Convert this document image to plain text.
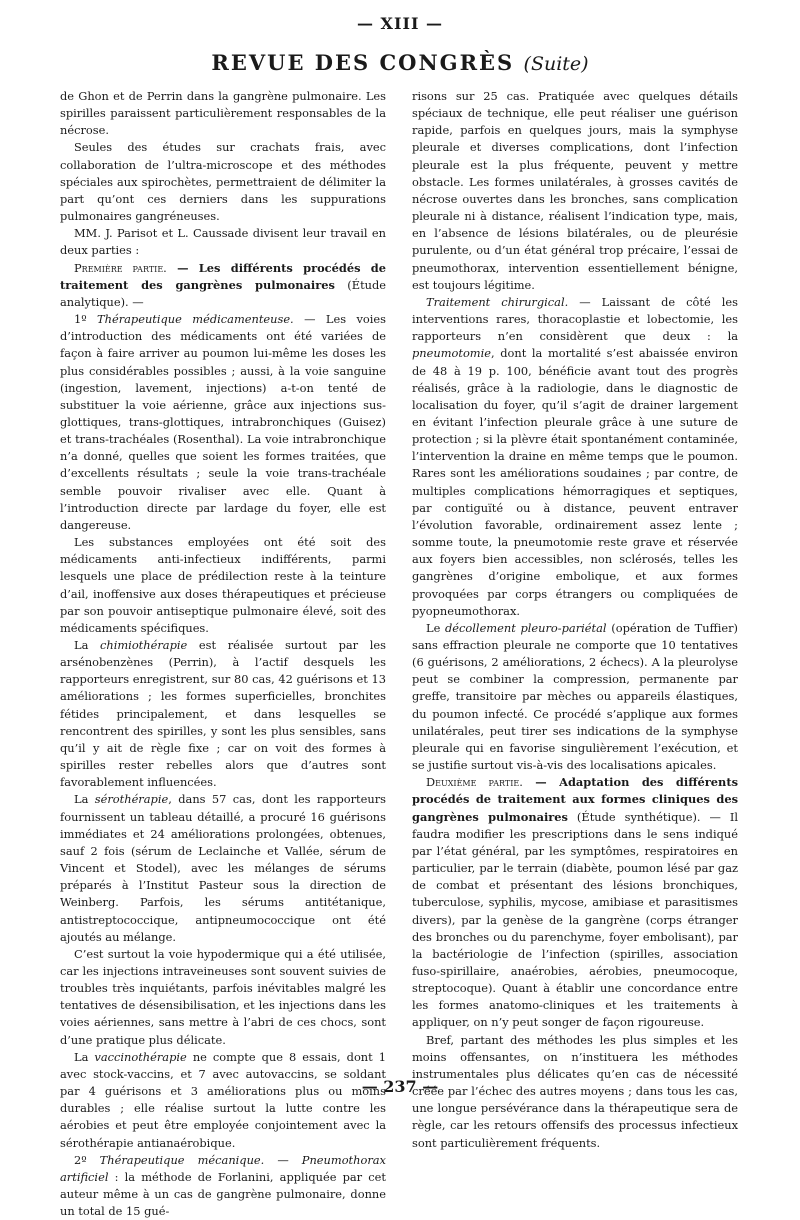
— XIII —
REVUE DES CONGRÈS (Suite)

de Ghon et de Perrin dans la gangrène pulmonaire. Les spirilles paraissent particulièrement responsables de la nécrose.

Seules des études sur crachats frais, avec collaboration de l’ultra-microscope et des méthodes spéciales aux spirochètes, permettraient de délimiter la part qu’ont ces derniers dans les suppurations pulmonaires gangréneuses.

MM. J. Parisot et L. Caussade divisent leur travail en deux parties :

Première partie. — Les différents procédés de traitement des gangrènes pulmonaires (Étude analytique). —

1º Thérapeutique médicamenteuse. — Les voies d’introduction des médicaments ont été variées de façon à faire arriver au poumon lui-même les doses les plus considérables possibles ; aussi, à la voie sanguine (ingestion, lavement, injections) a-t-on tenté de substituer la voie aérienne, grâce aux injections sus-glottiques, trans-glottiques, intrabronchiques (Guisez) et trans-trachéales (Rosenthal). La voie intrabronchique n’a donné, quelles que soient les formes traitées, que d’excellents résultats ; seule la voie trans-trachéale semble pouvoir rivaliser avec elle. Quant à l’introduction directe par lardage du foyer, elle est dangereuse.

Les substances employées ont été soit des médicaments anti-infectieux indifférents, parmi lesquels une place de prédilection reste à la teinture d’ail, inoffensive aux doses thérapeutiques et précieuse par son pouvoir antiseptique pulmonaire élevé, soit des médicaments spécifiques.

La chimiothérapie est réalisée surtout par les arsénobenzènes (Perrin), à l’actif desquels les rapporteurs enregistrent, sur 80 cas, 42 guérisons et 13 améliorations ; les formes superficielles, bronchites fétides principalement, et dans lesquelles se rencontrent des spirilles, y sont les plus sensibles, sans qu’il y ait de règle fixe ; car on voit des formes à spirilles rester rebelles alors que d’autres sont favorablement influencées.

La sérothérapie, dans 57 cas, dont les rapporteurs fournissent un tableau détaillé, a procuré 16 guérisons immédiates et 24 améliorations prolongées, obtenues, sauf 2 fois (sérum de Leclainche et Vallée, sérum de Vincent et Stodel), avec les mélanges de sérums préparés à l’Institut Pasteur sous la direction de Weinberg. Parfois, les sérums antitétanique, antistreptococcique, antipneumococcique ont été ajoutés au mélange.

C’est surtout la voie hypodermique qui a été utilisée, car les injections intraveineuses sont souvent suivies de troubles très inquiétants, parfois inévitables malgré les tentatives de désensibilisation, et les injections dans les voies aériennes, sans mettre à l’abri de ces chocs, sont d’une pratique plus délicate.

La vaccinothérapie ne compte que 8 essais, dont 1 avec stock-vaccins, et 7 avec autovaccins, se soldant par 4 guérisons et 3 améliorations plus ou moins durables ; elle réalise surtout la lutte contre les aérobies et peut être employée conjointement avec la sérothérapie antianaérobique.

2º Thérapeutique mécanique. — Pneumothorax artificiel : la méthode de Forlanini, appliquée par cet auteur même à un cas de gangrène pulmonaire, donne un total de 15 gué-

risons sur 25 cas. Pratiquée avec quelques détails spéciaux de technique, elle peut réaliser une guérison rapide, parfois en quelques jours, mais la symphyse pleurale et diverses complications, dont l’infection pleurale est la plus fréquente, peuvent y mettre obstacle. Les formes unilatérales, à grosses cavités de nécrose ouvertes dans les bronches, sans complication pleurale ni à distance, réalisent l’indication type, mais, en l’absence de lésions bilatérales, ou de pleurésie purulente, ou d’un état général trop précaire, l’essai de pneumothorax, intervention essentiellement bénigne, est toujours légitime.

Traitement chirurgical. — Laissant de côté les interventions rares, thoracoplastie et lobectomie, les rapporteurs n’en considèrent que deux : la pneumotomie, dont la mortalité s’est abaissée environ de 48 à 19 p. 100, bénéficie avant tout des progrès réalisés, grâce à la radiologie, dans le diagnostic de localisation du foyer, qu’il s’agit de drainer largement en évitant l’infection pleurale grâce à une suture de protection ; si la plèvre était spontanément contaminée, l’intervention la draine en même temps que le poumon. Rares sont les améliorations soudaines ; par contre, de multiples complications hémorragiques et septiques, par contiguïté ou à distance, peuvent entraver l’évolution favorable, ordinairement assez lente ; somme toute, la pneumotomie reste grave et réservée aux foyers bien accessibles, non sclérosés, telles les gangrènes d’origine embolique, et aux formes provoquées par corps étrangers ou compliquées de pyopneumothorax.

Le décollement pleuro-pariétal (opération de Tuffier) sans effraction pleurale ne comporte que 10 tentatives (6 guérisons, 2 améliorations, 2 échecs). A la pleurolyse peut se combiner la compression, permanente par greffe, transitoire par mèches ou appareils élastiques, du poumon infecté. Ce procédé s’applique aux formes unilatérales, peut tirer ses indications de la symphyse pleurale qui en favorise singulièrement l’exécution, et se justifie surtout vis-à-vis des localisations apicales.

Deuxième partie. — Adaptation des différents procédés de traitement aux formes cliniques des gangrènes pulmonaires (Étude synthétique). — Il faudra modifier les prescriptions dans le sens indiqué par l’état général, par les symptômes, respiratoires en particulier, par le terrain (diabète, poumon lésé par gaz de combat et présentant des lésions bronchiques, tuberculose, syphilis, mycose, amibiase et parasitismes divers), par la genèse de la gangrène (corps étranger des bronches ou du parenchyme, foyer embolisant), par la bactériologie de l’infection (spirilles, association fuso-spirillaire, anaérobies, aérobies, pneumocoque, streptocoque). Quant à établir une concordance entre les formes anatomo-cliniques et les traitements à appliquer, on n’y peut songer de façon rigoureuse.

Bref, partant des méthodes les plus simples et les moins offensantes, on n’instituera les méthodes instrumentales plus délicates qu’en cas de nécessité créée par l’échec des autres moyens ; dans tous les cas, une longue persévérance dans la thérapeutique sera de règle, car les retours offensifs des processus infectieux sont particulièrement fréquents.

— 237 —
